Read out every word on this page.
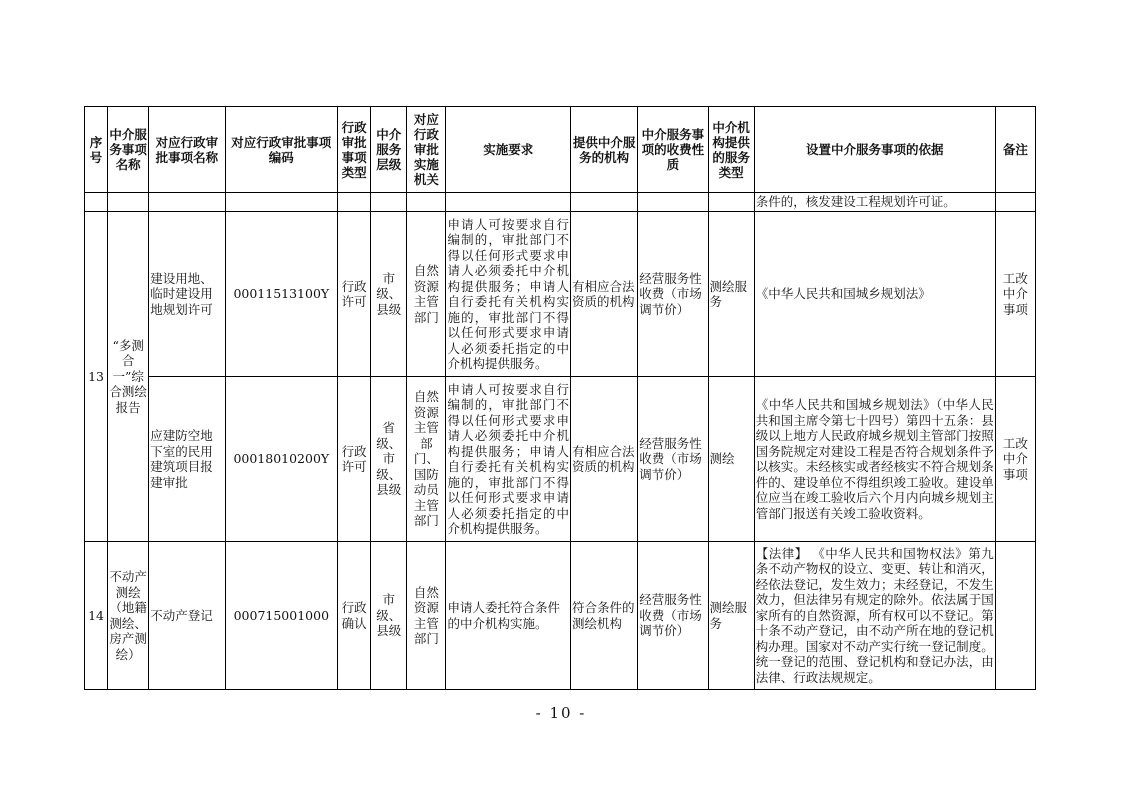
序号	中介服务事项名称	对应行政审批事项名称	对应行政审批事项编码	行政审批事项类型	中介服务层级	对应行政审批实施机关	实施要求	提供中介服务的机构	中介服务事项的收费性质	中介机构提供的服务类型	设置中介服务事项的依据	备注
											条件的，核发建设工程规划许可证。	
13	“多测合一”综合测绘报告	建设用地、临时建设用地规划许可	00011513100Y	行政许可	市级、县级	自然资源主管部门	申请人可按要求自行编制的，审批部门不得以任何形式要求申请人必须委托中介机构提供服务；申请人自行委托有关机构实施的，审批部门不得以任何形式要求申请人必须委托指定的中介机构提供服务。	有相应合法资质的机构	经营服务性收费（市场调节价）	测绘服务	《中华人民共和国城乡规划法》	工改中介事项
		应建防空地下室的民用建筑项目报建审批	00018010200Y	行政许可	省级、市级、县级	自然资源主管部门、国防动员主管部门	申请人可按要求自行编制的，审批部门不得以任何形式要求申请人必须委托中介机构提供服务；申请人自行委托有关机构实施的，审批部门不得以任何形式要求申请人必须委托指定的中介机构提供服务。	有相应合法资质的机构	经营服务性收费（市场调节价）	测绘	《中华人民共和国城乡规划法》（中华人民共和国主席令第七十四号）第四十五条：县级以上地方人民政府城乡规划主管部门按照国务院规定对建设工程是否符合规划条件予以核实。未经核实或者经核实不符合规划条件的、建设单位不得组织竣工验收。建设单位应当在竣工验收后六个月内向城乡规划主管部门报送有关竣工验收资料。	工改中介事项
14	不动产测绘（地籍测绘、房产测绘）	不动产登记	000715001000	行政确认	市级、县级	自然资源主管部门	申请人委托符合条件的中介机构实施。	符合条件的测绘机构	经营服务性收费（市场调节价）	测绘服务	【法律】 《中华人民共和国物权法》第九条不动产物权的设立、变更、转让和消灭，经依法登记，发生效力；未经登记，不发生效力，但法律另有规定的除外。依法属于国家所有的自然资源，所有权可以不登记。第十条不动产登记，由不动产所在地的登记机构办理。国家对不动产实行统一登记制度。统一登记的范围、登记机构和登记办法，由法律、行政法规规定。	
- 10 -
